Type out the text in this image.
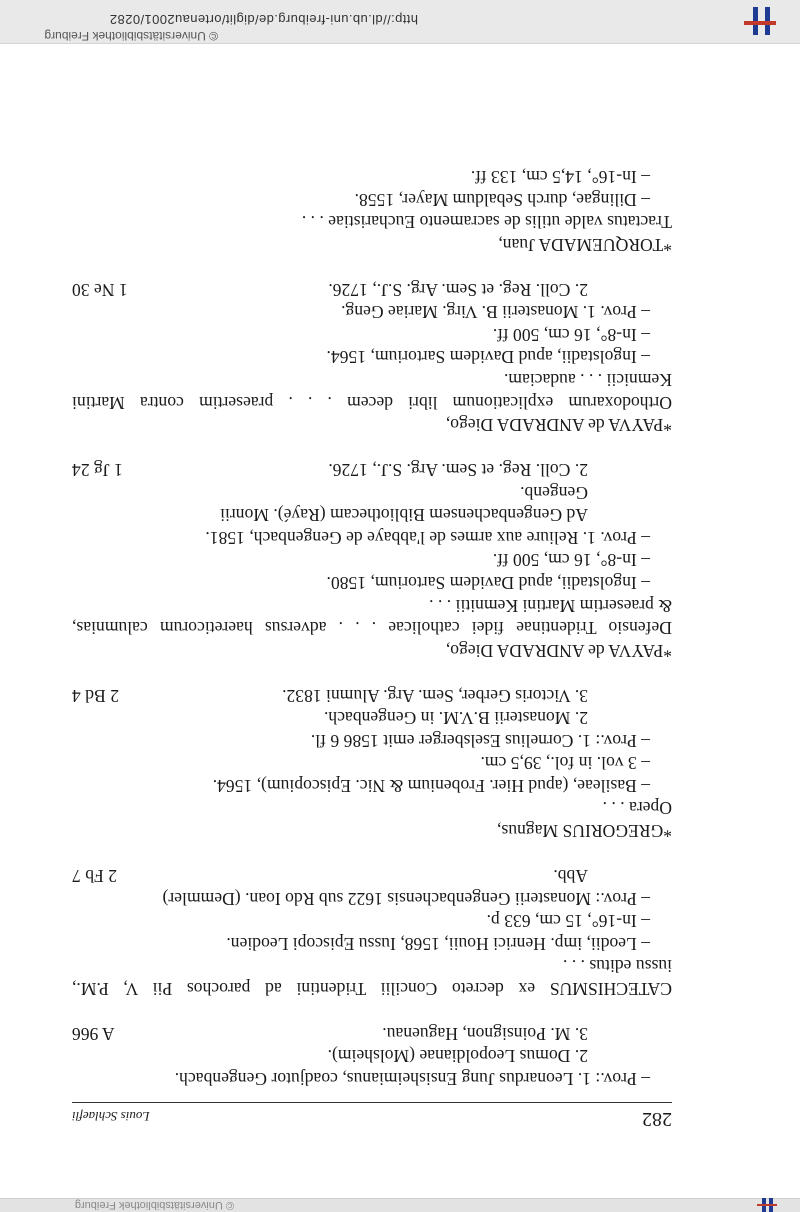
© Universitätsbibliothek Freiburg
282
Louis Schlaefli
– Prov.: 1. Leonardus Jung Ensisheimianus, coadjutor Gengenbach.
2. Domus Leopoldianae (Molsheim).
3. M. Poinsignon, Haguenau.
A 966
CATECHISMUS ex decreto Concilii Tridentini ad parochos Pii V, P.M.,
iussu editus . . .
– Leodii, imp. Henrici Houii, 1568, Iussu Episcopi Leodien.
– In-16°, 15 cm, 633 p.
– Prov.: Monasterii Gengenbachensis 1622 sub Rdo Ioan. (Demmler)
Abb.
2 Fb 7
*GREGORIUS Magnus,
Opera . . .
– Basileae, (apud Hier. Frobenium & Nic. Episcopium), 1564.
– 3 vol. in fol., 39,5 cm.
– Prov.: 1. Cornelius Eselsberger emit 1586 6 fl.
2. Monasterii B.V.M. in Gengenbach.
3. Victoris Gerber, Sem. Arg. Alumni 1832.
2 Bd 4
*PAYVA de ANDRADA Diego,
Defensio Tridentinae fidei catholicae . . . adversus haereticorum calumnias,
& praesertim Martini Kemnitii . . .
– Ingolstadii, apud Davidem Sartorium, 1580.
– In-8°, 16 cm, 500 ff.
– Prov. 1. Reliure aux armes de l'abbaye de Gengenbach, 1581.
Ad Gengenbachensem Bibliothecam (Rayé). Monrii
Gengenb.
2. Coll. Reg. et Sem. Arg. S.J., 1726.
1 Jg 24
*PAYVA de ANDRADA Diego,
Orthodoxarum explicationum libri decem . . . praesertim contra Martini
Kemnicii . . . audaciam.
– Ingolstadii, apud Davidem Sartorium, 1564.
– In-8°, 16 cm, 500 ff.
– Prov. 1. Monasterii B. Virg. Mariae Geng.
2. Coll. Reg. et Sem. Arg. S.J., 1726.
1 Ne 30
*TORQUEMADA Juan,
Tractatus valde utilis de sacramento Eucharistiae . . .
– Dilingae, durch Sebaldum Mayer, 1558.
– In-16°, 14,5 cm, 133 ff.
http://dl.ub.uni-freiburg.de/diglit/ortenau2001/0282
© Universitätsbibliothek Freiburg
